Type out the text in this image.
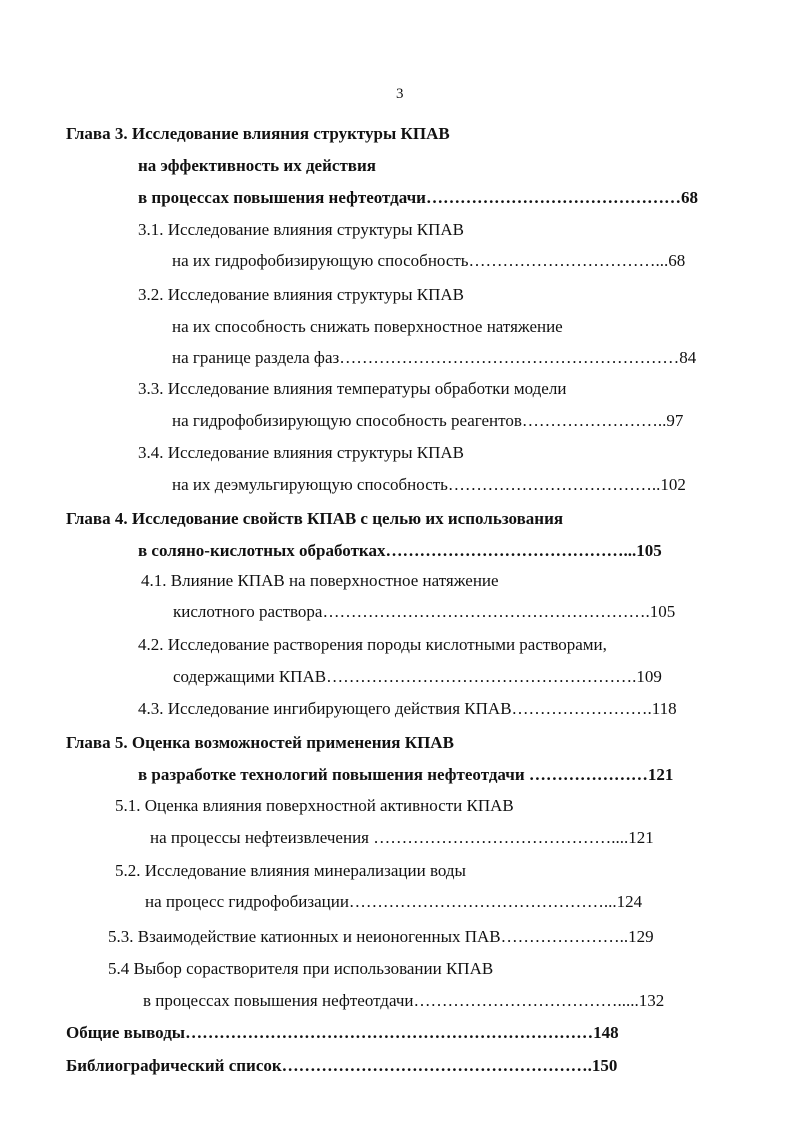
3
Глава 3. Исследование влияния структуры КПАВ
на эффективность их действия
в процессах повышения нефтеотдачи………………………………………68
3.1. Исследование влияния структуры КПАВ
на их гидрофобизирующую способность……………………………...68
3.2. Исследование влияния структуры КПАВ
на их способность снижать поверхностное натяжение
на границе раздела фаз……………………………………………………84
3.3. Исследование влияния температуры обработки модели
на гидрофобизирующую способность реагентов……………………..97
3.4. Исследование влияния структуры КПАВ
на их деэмульгирующую способность………………………………..102
Глава 4. Исследование свойств КПАВ с целью их использования
в соляно-кислотных обработках……………………………………...105
4.1. Влияние КПАВ на поверхностное натяжение
кислотного раствора………………………………………………….105
4.2. Исследование растворения породы кислотными растворами,
содержащими КПАВ……………………………………………….109
4.3. Исследование ингибирующего действия КПАВ…………………….118
Глава 5. Оценка возможностей применения КПАВ
в разработке технологий повышения нефтеотдачи …………………121
5.1. Оценка влияния поверхностной активности КПАВ
на процессы нефтеизвлечения ……………………………………....121
5.2. Исследование влияния минерализации воды
на процесс гидрофобизации………………………………………...124
5.3. Взаимодействие катионных и неионогенных ПАВ…………………..129
5.4 Выбор сорастворителя при использовании КПАВ
в процессах повышения нефтеотдачи……………………………….....132
Общие выводы………………………………………………………………148
Библиографический список……………………………………………….150
